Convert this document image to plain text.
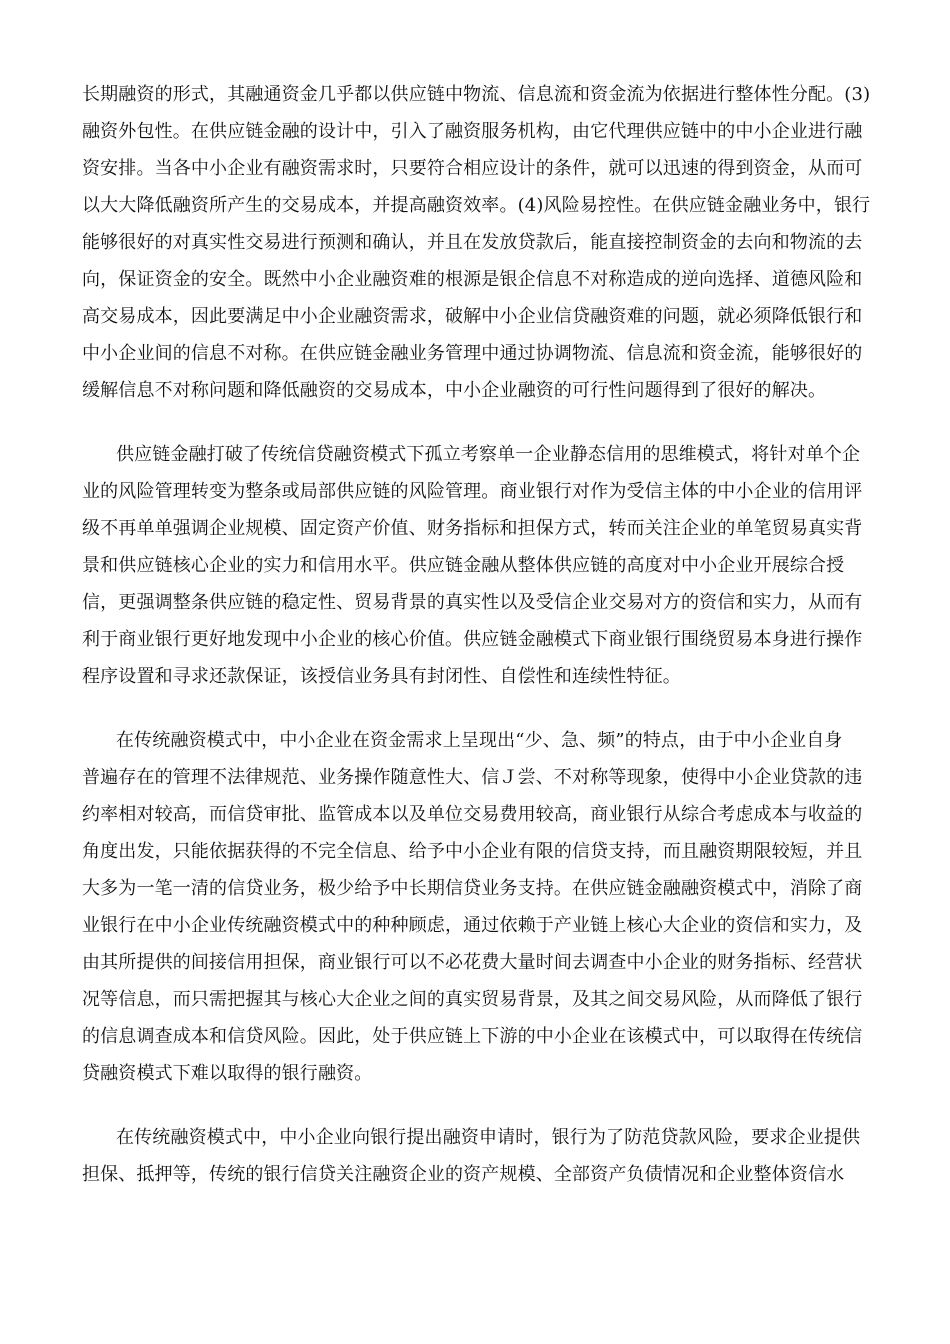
长期融资的形式，其融通资金几乎都以供应链中物流、信息流和资金流为依据进行整体性分配。(3)
融资外包性。在供应链金融的设计中，引入了融资服务机构，由它代理供应链中的中小企业进行融
资安排。当各中小企业有融资需求时，只要符合相应设计的条件，就可以迅速的得到资金，从而可
以大大降低融资所产生的交易成本，并提高融资效率。(4)风险易控性。在供应链金融业务中，银行
能够很好的对真实性交易进行预测和确认，并且在发放贷款后，能直接控制资金的去向和物流的去
向，保证资金的安全。既然中小企业融资难的根源是银企信息不对称造成的逆向选择、道德风险和
高交易成本，因此要满足中小企业融资需求，破解中小企业信贷融资难的问题，就必须降低银行和
中小企业间的信息不对称。在供应链金融业务管理中通过协调物流、信息流和资金流，能够很好的
缓解信息不对称问题和降低融资的交易成本，中小企业融资的可行性问题得到了很好的解决。
供应链金融打破了传统信贷融资模式下孤立考察单一企业静态信用的思维模式，将针对单个企
业的风险管理转变为整条或局部供应链的风险管理。商业银行对作为受信主体的中小企业的信用评
级不再单单强调企业规模、固定资产价值、财务指标和担保方式，转而关注企业的单笔贸易真实背
景和供应链核心企业的实力和信用水平。供应链金融从整体供应链的高度对中小企业开展综合授
信，更强调整条供应链的稳定性、贸易背景的真实性以及受信企业交易对方的资信和实力，从而有
利于商业银行更好地发现中小企业的核心价值。供应链金融模式下商业银行围绕贸易本身进行操作
程序设置和寻求还款保证，该授信业务具有封闭性、自偿性和连续性特征。
在传统融资模式中，中小企业在资金需求上呈现出“少、急、频”的特点，由于中小企业自身
普遍存在的管理不法律规范、业务操作随意性大、信Ｊ尝、不对称等现象，使得中小企业贷款的违
约率相对较高，而信贷审批、监管成本以及单位交易费用较高，商业银行从综合考虑成本与收益的
角度出发，只能依据获得的不完全信息、给予中小企业有限的信贷支持，而且融资期限较短，并且
大多为一笔一清的信贷业务，极少给予中长期信贷业务支持。在供应链金融融资模式中，消除了商
业银行在中小企业传统融资模式中的种种顾虑，通过依赖于产业链上核心大企业的资信和实力，及
由其所提供的间接信用担保，商业银行可以不必花费大量时间去调查中小企业的财务指标、经营状
况等信息，而只需把握其与核心大企业之间的真实贸易背景，及其之间交易风险，从而降低了银行
的信息调查成本和信贷风险。因此，处于供应链上下游的中小企业在该模式中，可以取得在传统信
贷融资模式下难以取得的银行融资。
在传统融资模式中，中小企业向银行提出融资申请时，银行为了防范贷款风险，要求企业提供
担保、抵押等，传统的银行信贷关注融资企业的资产规模、全部资产负债情况和企业整体资信水
